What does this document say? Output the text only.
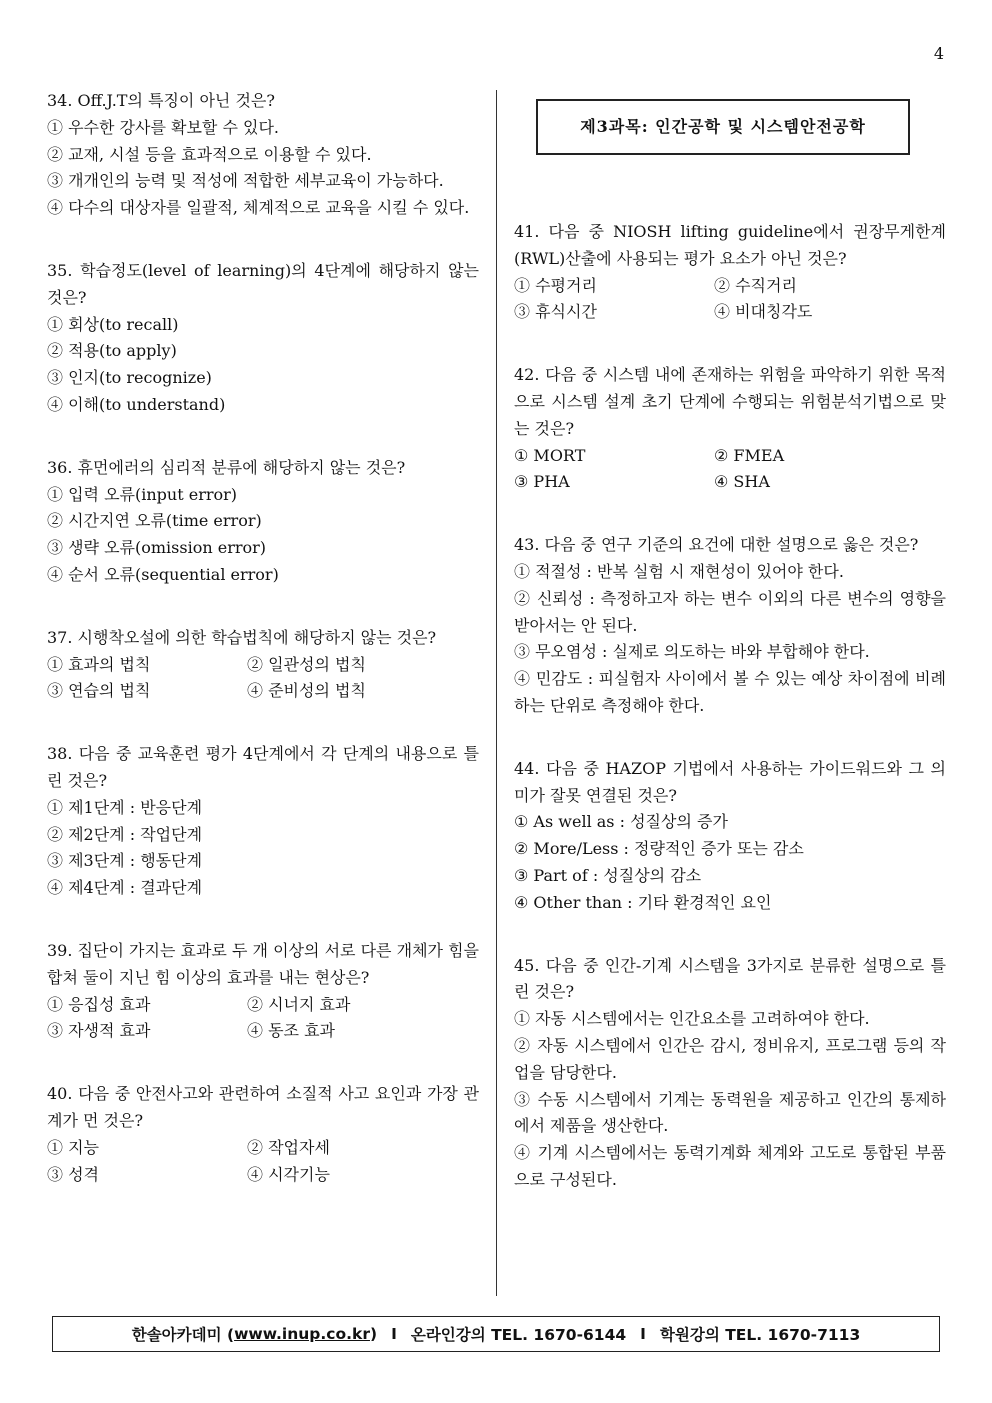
4
34. Off.J.T의 특징이 아닌 것은?
① 우수한 강사를 확보할 수 있다.
② 교재, 시설 등을 효과적으로 이용할 수 있다.
③ 개개인의 능력 및 적성에 적합한 세부교육이 가능하다.
④ 다수의 대상자를 일괄적, 체계적으로 교육을 시킬 수 있다.
35. 학습정도(level of learning)의 4단계에 해당하지 않는 것은?
① 회상(to recall)
② 적용(to apply)
③ 인지(to recognize)
④ 이해(to understand)
36. 휴먼에러의 심리적 분류에 해당하지 않는 것은?
① 입력 오류(input error)
② 시간지연 오류(time error)
③ 생략 오류(omission error)
④ 순서 오류(sequential error)
37. 시행착오설에 의한 학습법칙에 해당하지 않는 것은?
① 효과의 법칙	② 일관성의 법칙
③ 연습의 법칙	④ 준비성의 법칙
38. 다음 중 교육훈련 평가 4단계에서 각 단계의 내용으로 틀린 것은?
① 제1단계 : 반응단계
② 제2단계 : 작업단계
③ 제3단계 : 행동단계
④ 제4단계 : 결과단계
39. 집단이 가지는 효과로 두 개 이상의 서로 다른 개체가 힘을 합쳐 둘이 지닌 힘 이상의 효과를 내는 현상은?
① 응집성 효과	② 시너지 효과
③ 자생적 효과	④ 동조 효과
40. 다음 중 안전사고와 관련하여 소질적 사고 요인과 가장 관계가 먼 것은?
① 지능	② 작업자세
③ 성격	④ 시각기능
제3과목: 인간공학 및 시스템안전공학
41. 다음 중 NIOSH lifting guideline에서 권장무게한계(RWL)산출에 사용되는 평가 요소가 아닌 것은?
① 수평거리	② 수직거리
③ 휴식시간	④ 비대칭각도
42. 다음 중 시스템 내에 존재하는 위험을 파악하기 위한 목적으로 시스템 설계 초기 단계에 수행되는 위험분석기법으로 맞는 것은?
① MORT	② FMEA
③ PHA	④ SHA
43. 다음 중 연구 기준의 요건에 대한 설명으로 옳은 것은?
① 적절성 : 반복 실험 시 재현성이 있어야 한다.
② 신뢰성 : 측정하고자 하는 변수 이외의 다른 변수의 영향을 받아서는 안 된다.
③ 무오염성 : 실제로 의도하는 바와 부합해야 한다.
④ 민감도 : 피실험자 사이에서 볼 수 있는 예상 차이점에 비례하는 단위로 측정해야 한다.
44. 다음 중 HAZOP 기법에서 사용하는 가이드워드와 그 의미가 잘못 연결된 것은?
① As well as : 성질상의 증가
② More/Less : 정량적인 증가 또는 감소
③ Part of : 성질상의 감소
④ Other than : 기타 환경적인 요인
45. 다음 중 인간-기계 시스템을 3가지로 분류한 설명으로 틀린 것은?
① 자동 시스템에서는 인간요소를 고려하여야 한다.
② 자동 시스템에서 인간은 감시, 정비유지, 프로그램 등의 작업을 담당한다.
③ 수동 시스템에서 기계는 동력원을 제공하고 인간의 통제하에서 제품을 생산한다.
④ 기계 시스템에서는 동력기계화 체계와 고도로 통합된 부품으로 구성된다.
한솔아카데미 ( www.inup.co.kr ) I 온라인강의 TEL. 1670-6144 I 학원강의 TEL. 1670-7113
